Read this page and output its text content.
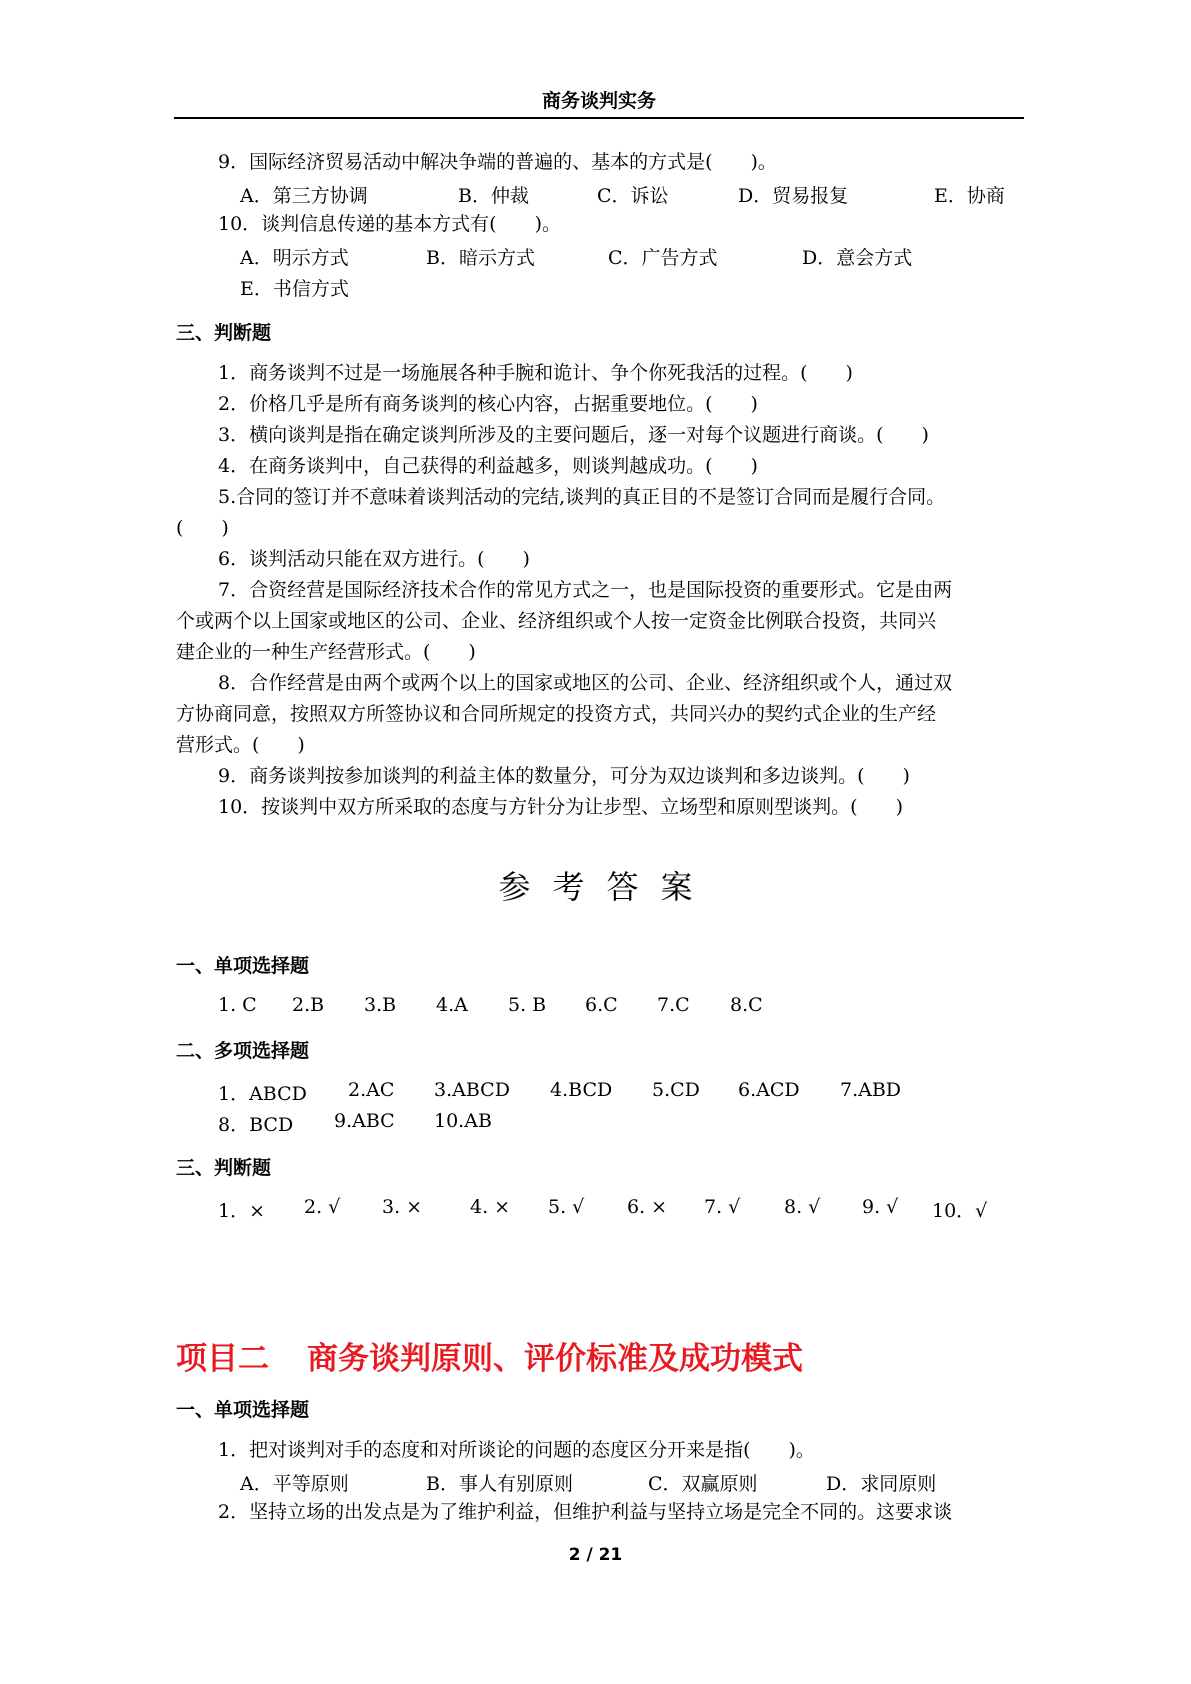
商务谈判实务
9．国际经济贸易活动中解决争端的普遍的、基本的方式是(　　)。
A．第三方协调	B．仲裁	C．诉讼	D．贸易报复	E．协商
10．谈判信息传递的基本方式有(　　)。
A．明示方式	B．暗示方式	C．广告方式	D．意会方式
E．书信方式
三、判断题
1．商务谈判不过是一场施展各种手腕和诡计、争个你死我活的过程。(　　)
2．价格几乎是所有商务谈判的核心内容，占据重要地位。(　　)
3．横向谈判是指在确定谈判所涉及的主要问题后，逐一对每个议题进行商谈。(　　)
4．在商务谈判中，自己获得的利益越多，则谈判越成功。(　　)
5.合同的签订并不意味着谈判活动的完结,谈判的真正目的不是签订合同而是履行合同。
(　　)
6．谈判活动只能在双方进行。(　　)
7．合资经营是国际经济技术合作的常见方式之一，也是国际投资的重要形式。它是由两
个或两个以上国家或地区的公司、企业、经济组织或个人按一定资金比例联合投资，共同兴
建企业的一种生产经营形式。(　　)
8．合作经营是由两个或两个以上的国家或地区的公司、企业、经济组织或个人，通过双
方协商同意，按照双方所签协议和合同所规定的投资方式，共同兴办的契约式企业的生产经
营形式。(　　)
9．商务谈判按参加谈判的利益主体的数量分，可分为双边谈判和多边谈判。(　　)
10．按谈判中双方所采取的态度与方针分为让步型、立场型和原则型谈判。(　　)
参考答案
一、单项选择题
1. C 2.B 3.B 4.A 5. B 6.C 7.C 8.C
二、多项选择题
1．ABCD 2.AC 3.ABCD 4.BCD 5.CD 6.ACD 7.ABD
8．BCD 9.ABC 10.AB
三、判断题
1．× 2. √ 3. ×	4. × 5. √ 6. × 7. √ 8. √ 9. √ 10．√
项目二 商务谈判原则、评价标准及成功模式
一、单项选择题
1．把对谈判对手的态度和对所谈论的问题的态度区分开来是指(　　)。
A．平等原则	B．事人有别原则	C．双赢原则	D．求同原则
2．坚持立场的出发点是为了维护利益，但维护利益与坚持立场是完全不同的。这要求谈
2 / 21
